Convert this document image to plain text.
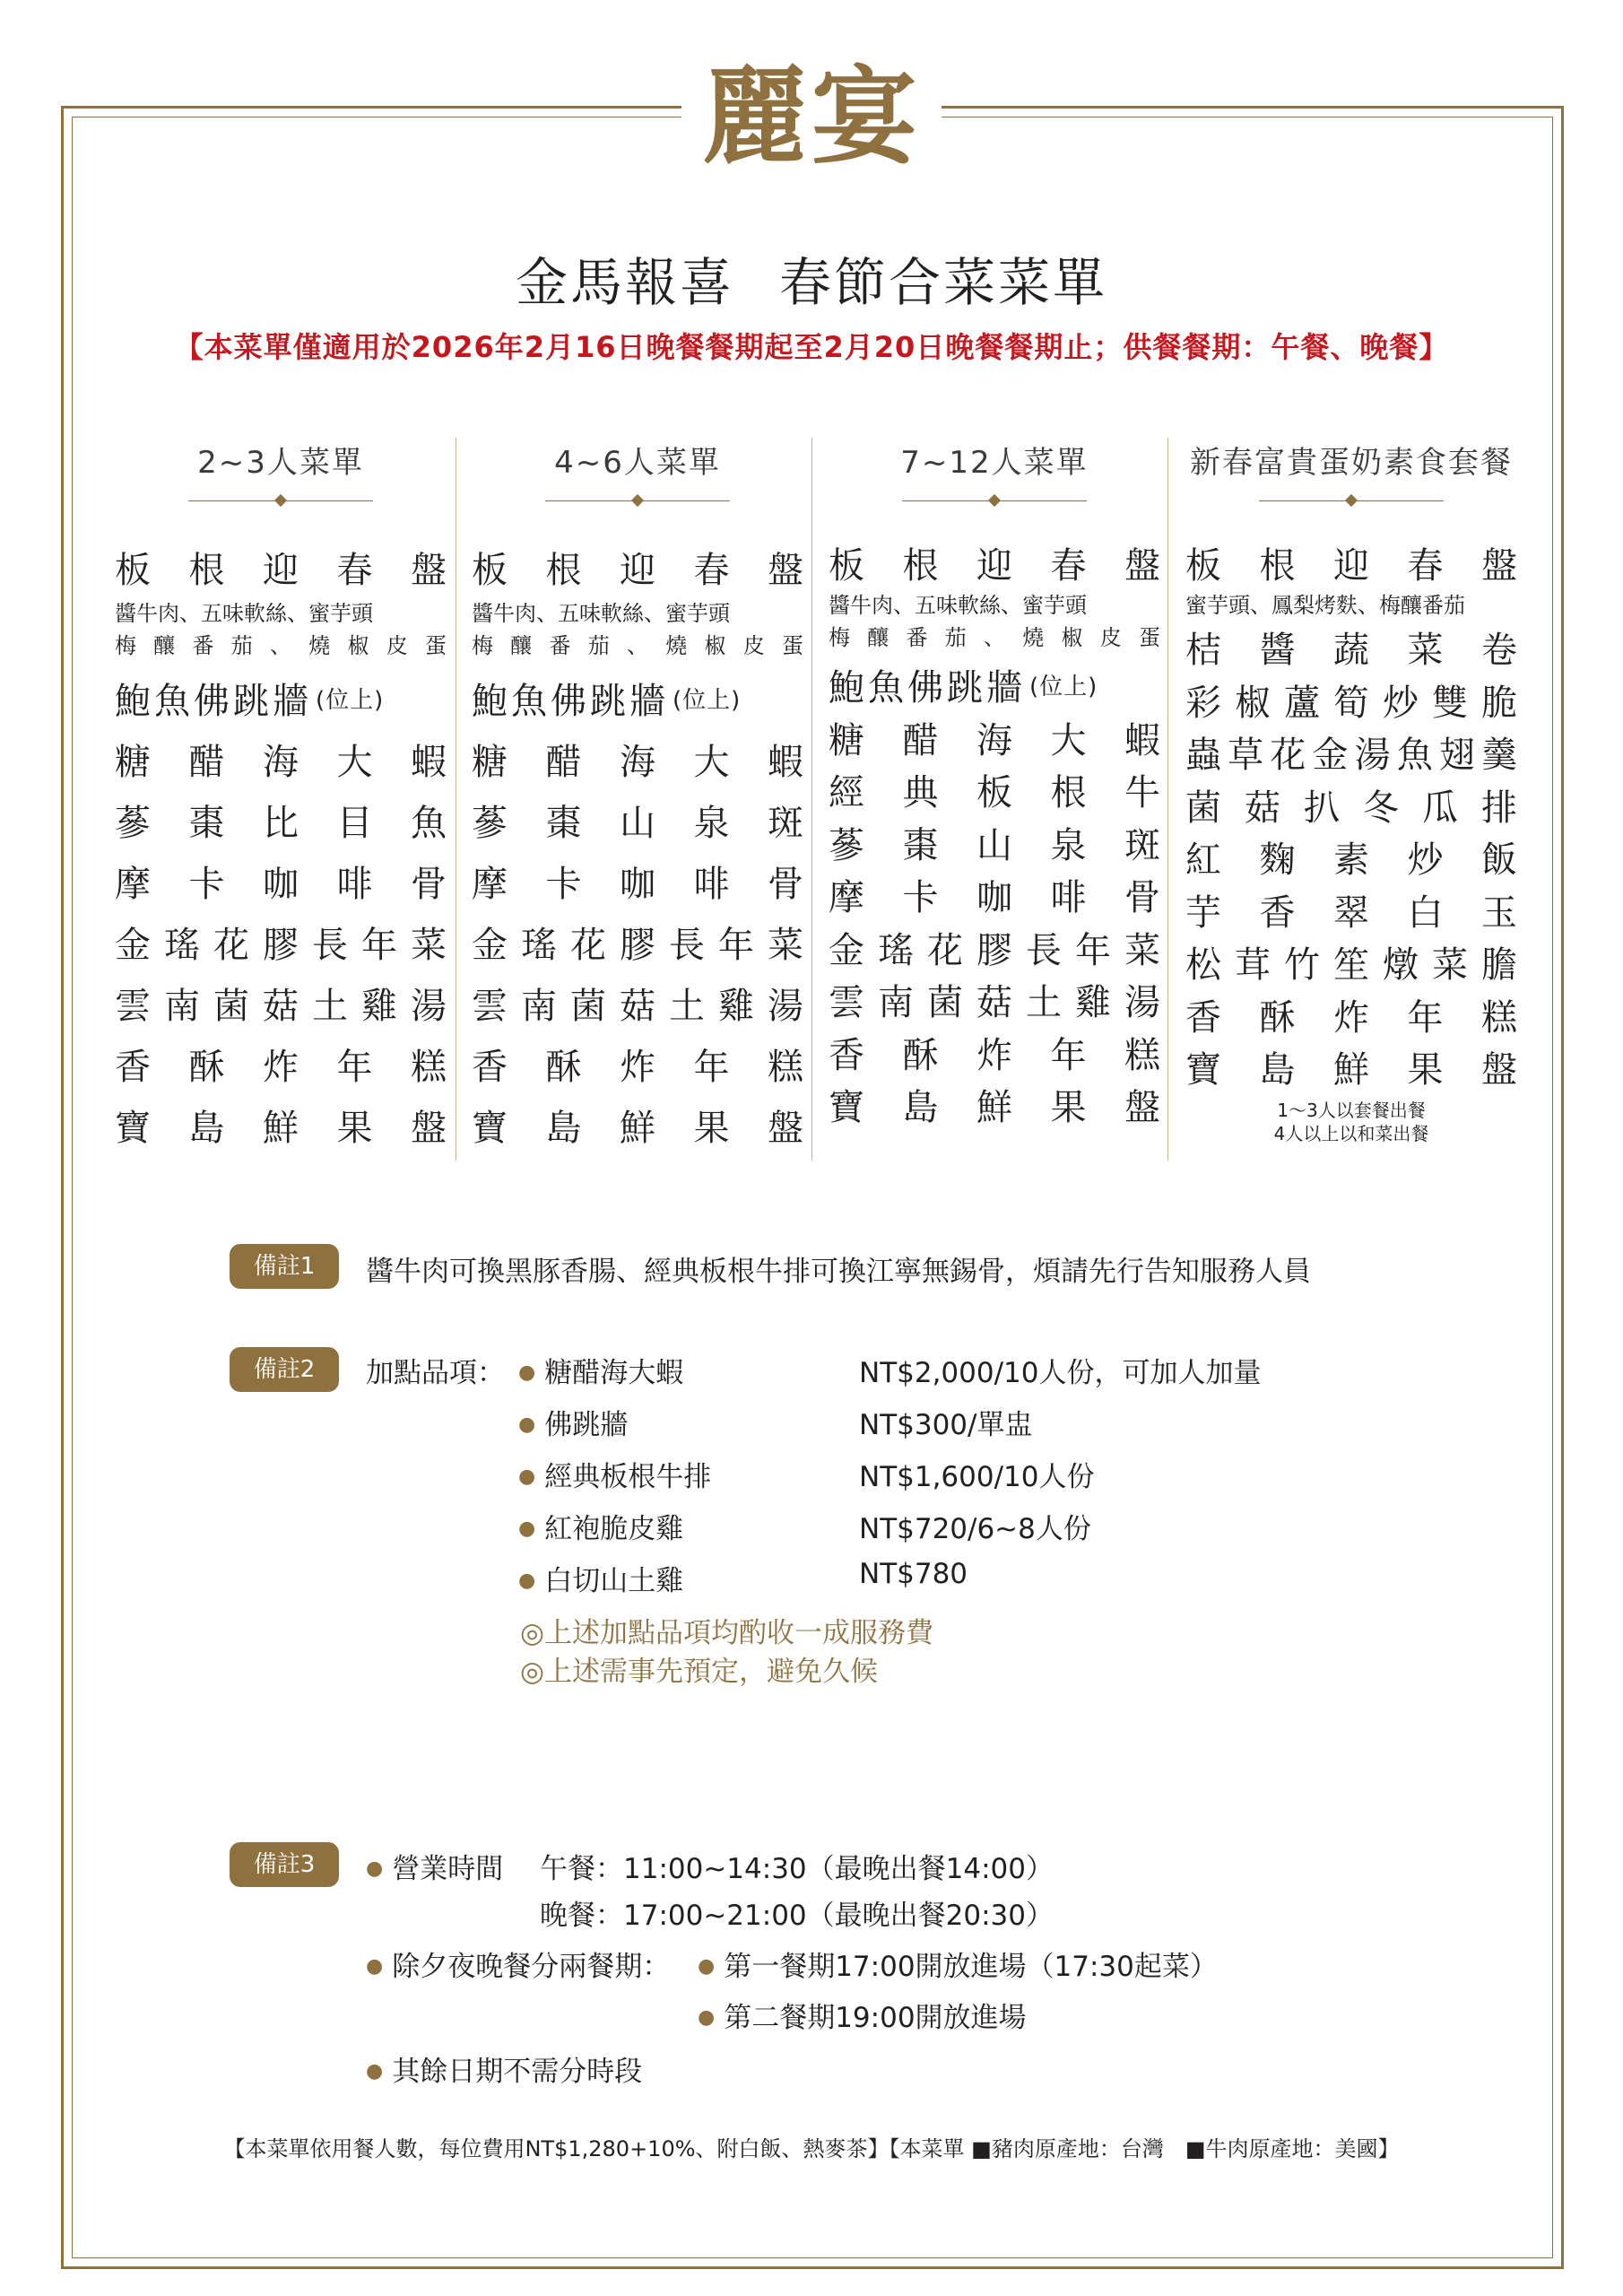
麗宴
金馬報喜 春節合菜菜單
【本菜單僅適用於2026年2月16日晚餐餐期起至2月20日晚餐餐期止；供餐餐期：午餐、晚餐】
2~3人菜單
板 根 迎 春 盤
醬牛肉、五味軟絲、蜜芋頭
梅 釀 番 茄 、 燒 椒 皮 蛋
鮑魚佛跳牆 (位上)
糖 醋 海 大 蝦
蔘 棗 比 目 魚
摩 卡 咖 啡 骨
金 瑤 花 膠 長 年 菜
雲 南 菌 菇 土 雞 湯
香 酥 炸 年 糕
寶 島 鮮 果 盤
4~6人菜單
板 根 迎 春 盤
醬牛肉、五味軟絲、蜜芋頭
梅 釀 番 茄 、 燒 椒 皮 蛋
鮑魚佛跳牆 (位上)
糖 醋 海 大 蝦
蔘 棗 山 泉 斑
摩 卡 咖 啡 骨
金 瑤 花 膠 長 年 菜
雲 南 菌 菇 土 雞 湯
香 酥 炸 年 糕
寶 島 鮮 果 盤
7~12人菜單
板 根 迎 春 盤
醬牛肉、五味軟絲、蜜芋頭
梅 釀 番 茄 、 燒 椒 皮 蛋
鮑魚佛跳牆 (位上)
糖 醋 海 大 蝦
經 典 板 根 牛
蔘 棗 山 泉 斑
摩 卡 咖 啡 骨
金 瑤 花 膠 長 年 菜
雲 南 菌 菇 土 雞 湯
香 酥 炸 年 糕
寶 島 鮮 果 盤
新春富貴蛋奶素食套餐
板 根 迎 春 盤
蜜芋頭、鳳梨烤麩、梅釀番茄
桔 醬 蔬 菜 卷
彩 椒 蘆 筍 炒 雙 脆
蟲 草 花 金 湯 魚 翅 羹
菌 菇 扒 冬 瓜 排
紅 麴 素 炒 飯
芋 香 翠 白 玉
松 茸 竹 笙 燉 菜 膽
香 酥 炸 年 糕
寶 島 鮮 果 盤
1～3人以套餐出餐
4人以上以和菜出餐
備註1	醬牛肉可換黑豚香腸、經典板根牛排可換江寧無錫骨，煩請先行告知服務人員
備註2	加點品項： ● 糖醋海大蝦	NT$2,000/10人份，可加人加量
● 佛跳牆	NT$300/單盅
● 經典板根牛排	NT$1,600/10人份
● 紅袍脆皮雞	NT$720/6~8人份
● 白切山土雞	NT$780
◎上述加點品項均酌收一成服務費
◎上述需事先預定，避免久候
備註3	● 營業時間 午餐：11:00~14:30（最晚出餐14:00）
晚餐：17:00~21:00（最晚出餐20:30）
● 除夕夜晚餐分兩餐期： ● 第一餐期17:00開放進場（17:30起菜）
● 第二餐期19:00開放進場
● 其餘日期不需分時段
【本菜單依用餐人數，每位費用NT$1,280+10%、附白飯、熱麥茶】【本菜單 ■豬肉原產地：台灣　■牛肉原產地：美國】
